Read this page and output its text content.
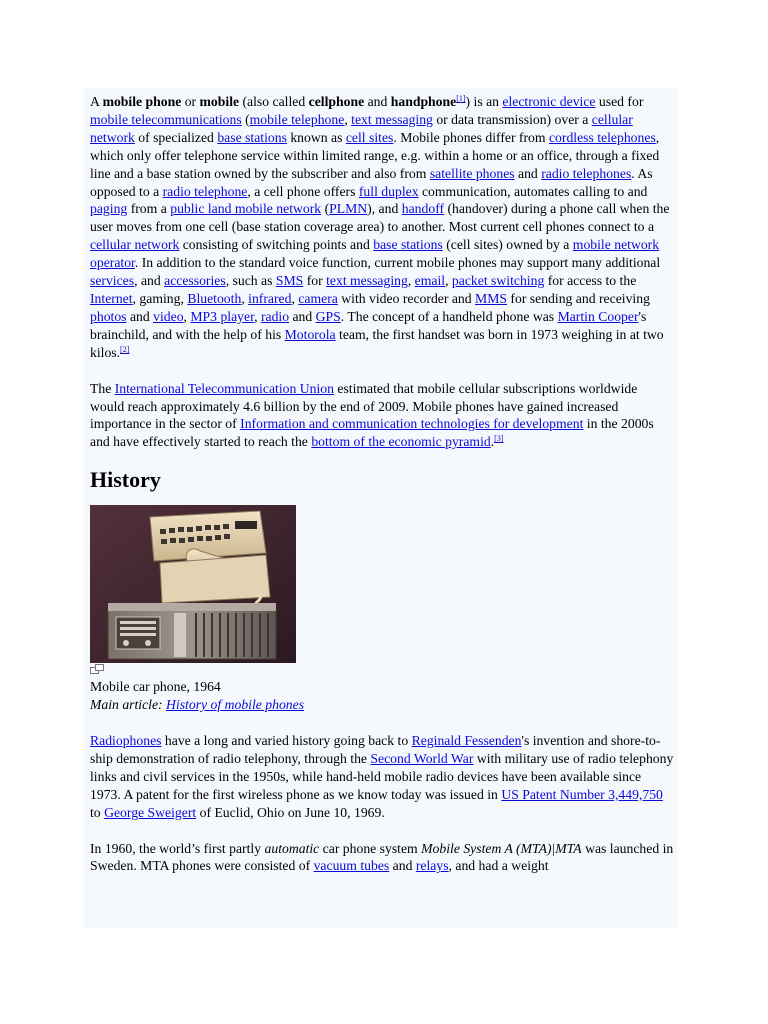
A mobile phone or mobile (also called cellphone and handphone[1]) is an electronic device used for mobile telecommunications (mobile telephone, text messaging or data transmission) over a cellular network of specialized base stations known as cell sites. Mobile phones differ from cordless telephones, which only offer telephone service within limited range, e.g. within a home or an office, through a fixed line and a base station owned by the subscriber and also from satellite phones and radio telephones. As opposed to a radio telephone, a cell phone offers full duplex communication, automates calling to and paging from a public land mobile network (PLMN), and handoff (handover) during a phone call when the user moves from one cell (base station coverage area) to another. Most current cell phones connect to a cellular network consisting of switching points and base stations (cell sites) owned by a mobile network operator. In addition to the standard voice function, current mobile phones may support many additional services, and accessories, such as SMS for text messaging, email, packet switching for access to the Internet, gaming, Bluetooth, infrared, camera with video recorder and MMS for sending and receiving photos and video, MP3 player, radio and GPS. The concept of a handheld phone was Martin Cooper's brainchild, and with the help of his Motorola team, the first handset was born in 1973 weighing in at two kilos.[2]

The International Telecommunication Union estimated that mobile cellular subscriptions worldwide would reach approximately 4.6 billion by the end of 2009. Mobile phones have gained increased importance in the sector of Information and communication technologies for development in the 2000s and have effectively started to reach the bottom of the economic pyramid.[3]

History

Mobile car phone, 1964

Main article: History of mobile phones

Radiophones have a long and varied history going back to Reginald Fessenden's invention and shore-to-ship demonstration of radio telephony, through the Second World War with military use of radio telephony links and civil services in the 1950s, while hand-held mobile radio devices have been available since 1973. A patent for the first wireless phone as we know today was issued in US Patent Number 3,449,750 to George Sweigert of Euclid, Ohio on June 10, 1969.

In 1960, the world’s first partly automatic car phone system Mobile System A (MTA)|MTA was launched in Sweden. MTA phones were consisted of vacuum tubes and relays, and had a weight
